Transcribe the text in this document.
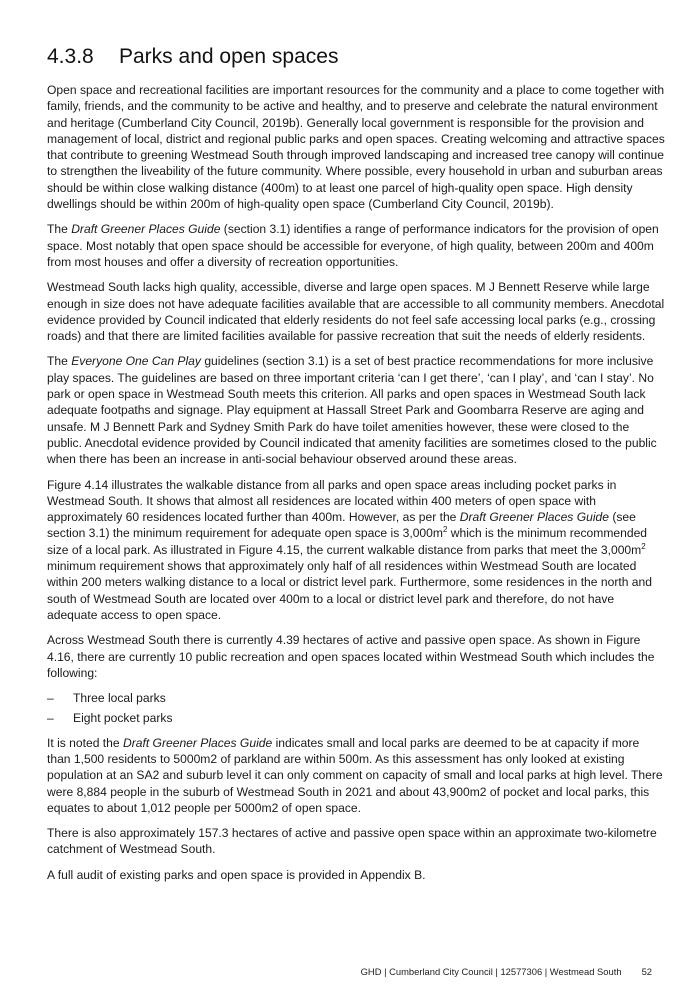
4.3.8 Parks and open spaces

Open space and recreational facilities are important resources for the community and a place to come together with family, friends, and the community to be active and healthy, and to preserve and celebrate the natural environment and heritage (Cumberland City Council, 2019b). Generally local government is responsible for the provision and management of local, district and regional public parks and open spaces. Creating welcoming and attractive spaces that contribute to greening Westmead South through improved landscaping and increased tree canopy will continue to strengthen the liveability of the future community. Where possible, every household in urban and suburban areas should be within close walking distance (400m) to at least one parcel of high-quality open space. High density dwellings should be within 200m of high-quality open space (Cumberland City Council, 2019b).

The Draft Greener Places Guide (section 3.1) identifies a range of performance indicators for the provision of open space. Most notably that open space should be accessible for everyone, of high quality, between 200m and 400m from most houses and offer a diversity of recreation opportunities.

Westmead South lacks high quality, accessible, diverse and large open spaces. M J Bennett Reserve while large enough in size does not have adequate facilities available that are accessible to all community members. Anecdotal evidence provided by Council indicated that elderly residents do not feel safe accessing local parks (e.g., crossing roads) and that there are limited facilities available for passive recreation that suit the needs of elderly residents.

The Everyone One Can Play guidelines (section 3.1) is a set of best practice recommendations for more inclusive play spaces. The guidelines are based on three important criteria ‘can I get there’, ‘can I play’, and ‘can I stay’. No park or open space in Westmead South meets this criterion. All parks and open spaces in Westmead South lack adequate footpaths and signage. Play equipment at Hassall Street Park and Goombarra Reserve are aging and unsafe. M J Bennett Park and Sydney Smith Park do have toilet amenities however, these were closed to the public. Anecdotal evidence provided by Council indicated that amenity facilities are sometimes closed to the public when there has been an increase in anti-social behaviour observed around these areas.

Figure 4.14 illustrates the walkable distance from all parks and open space areas including pocket parks in Westmead South. It shows that almost all residences are located within 400 meters of open space with approximately 60 residences located further than 400m. However, as per the Draft Greener Places Guide (see section 3.1) the minimum requirement for adequate open space is $3,000m^2$ which is the minimum recommended size of a local park. As illustrated in Figure 4.15, the current walkable distance from parks that meet the $3,000m^2$ minimum requirement shows that approximately only half of all residences within Westmead South are located within 200 meters walking distance to a local or district level park. Furthermore, some residences in the north and south of Westmead South are located over 400m to a local or district level park and therefore, do not have adequate access to open space.

Across Westmead South there is currently 4.39 hectares of active and passive open space. As shown in Figure 4.16, there are currently 10 public recreation and open spaces located within Westmead South which includes the following:

–	Three local parks
–	Eight pocket parks

It is noted the Draft Greener Places Guide indicates small and local parks are deemed to be at capacity if more than 1,500 residents to 5000m2 of parkland are within 500m. As this assessment has only looked at existing population at an SA2 and suburb level it can only comment on capacity of small and local parks at high level. There were 8,884 people in the suburb of Westmead South in 2021 and about 43,900m2 of pocket and local parks, this equates to about 1,012 people per 5000m2 of open space.

There is also approximately 157.3 hectares of active and passive open space within an approximate two-kilometre catchment of Westmead South.

A full audit of existing parks and open space is provided in Appendix B.

GHD | Cumberland City Council | 12577306 | Westmead South 52
